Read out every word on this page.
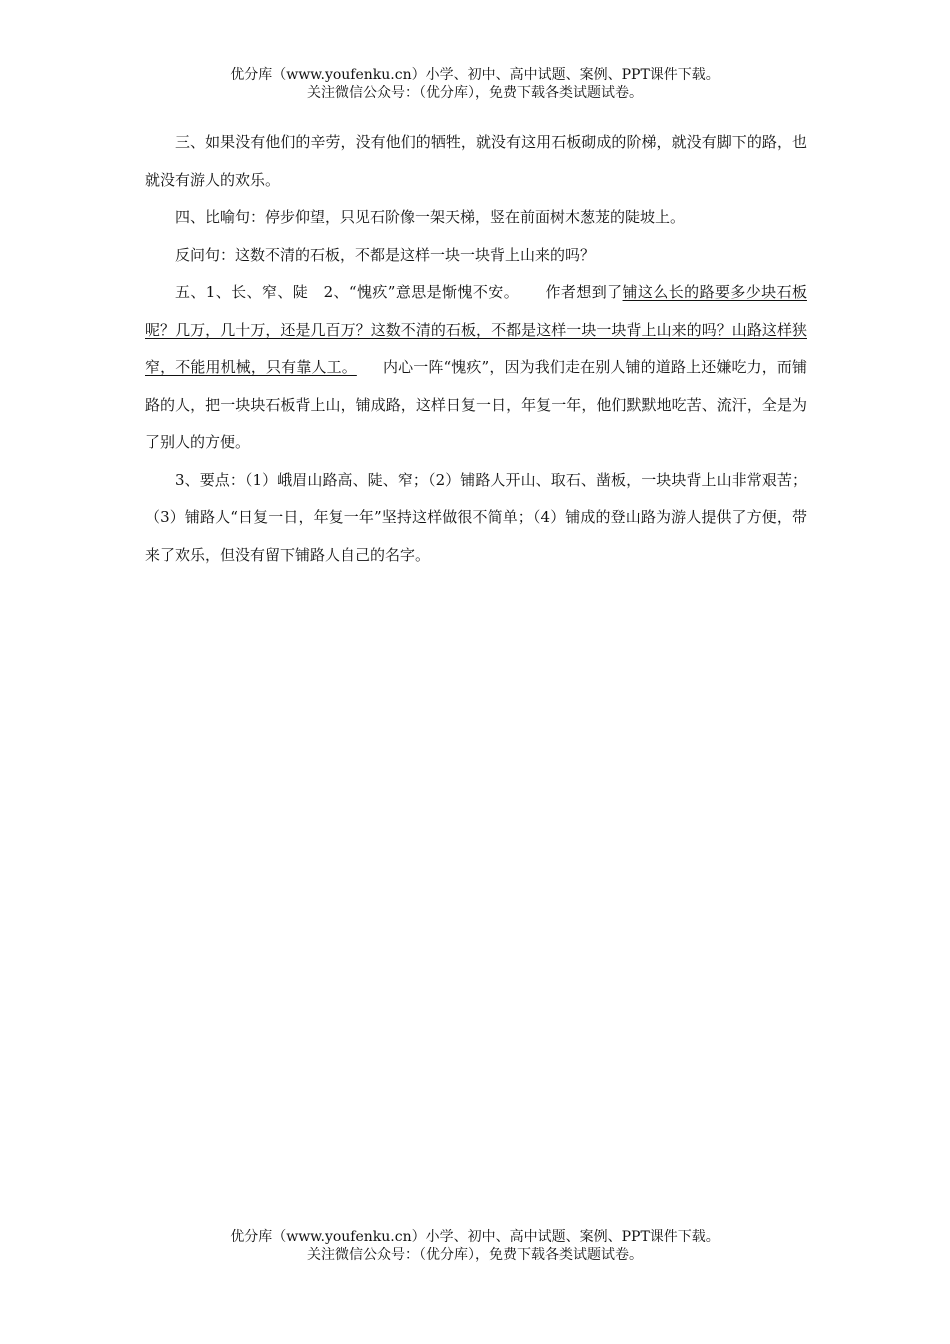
优分库（www.youfenku.cn）小学、初中、高中试题、案例、PPT课件下载。
关注微信公众号：（优分库），免费下载各类试题试卷。

三、如果没有他们的辛劳，没有他们的牺牲，就没有这用石板砌成的阶梯，就没有脚下的路，也就没有游人的欢乐。

四、比喻句：停步仰望，只见石阶像一架天梯，竖在前面树木葱茏的陡坡上。

反问句：这数不清的石板，不都是这样一块一块背上山来的吗？

五、1、长、窄、陡　2、“愧疚”意思是惭愧不安。 作者想到了铺这么长的路要多少块石板呢？几万，几十万，还是几百万？这数不清的石板，不都是这样一块一块背上山来的吗？山路这样狭窄，不能用机械，只有靠人工。 内心一阵“愧疚”，因为我们走在别人铺的道路上还嫌吃力，而铺路的人，把一块块石板背上山，铺成路，这样日复一日，年复一年，他们默默地吃苦、流汗，全是为了别人的方便。

3、要点：（1）峨眉山路高、陡、窄；（2）铺路人开山、取石、凿板，一块块背上山非常艰苦；（3）铺路人“日复一日，年复一年”坚持这样做很不简单；（4）铺成的登山路为游人提供了方便，带来了欢乐，但没有留下铺路人自己的名字。

优分库（www.youfenku.cn）小学、初中、高中试题、案例、PPT课件下载。
关注微信公众号：（优分库），免费下载各类试题试卷。
